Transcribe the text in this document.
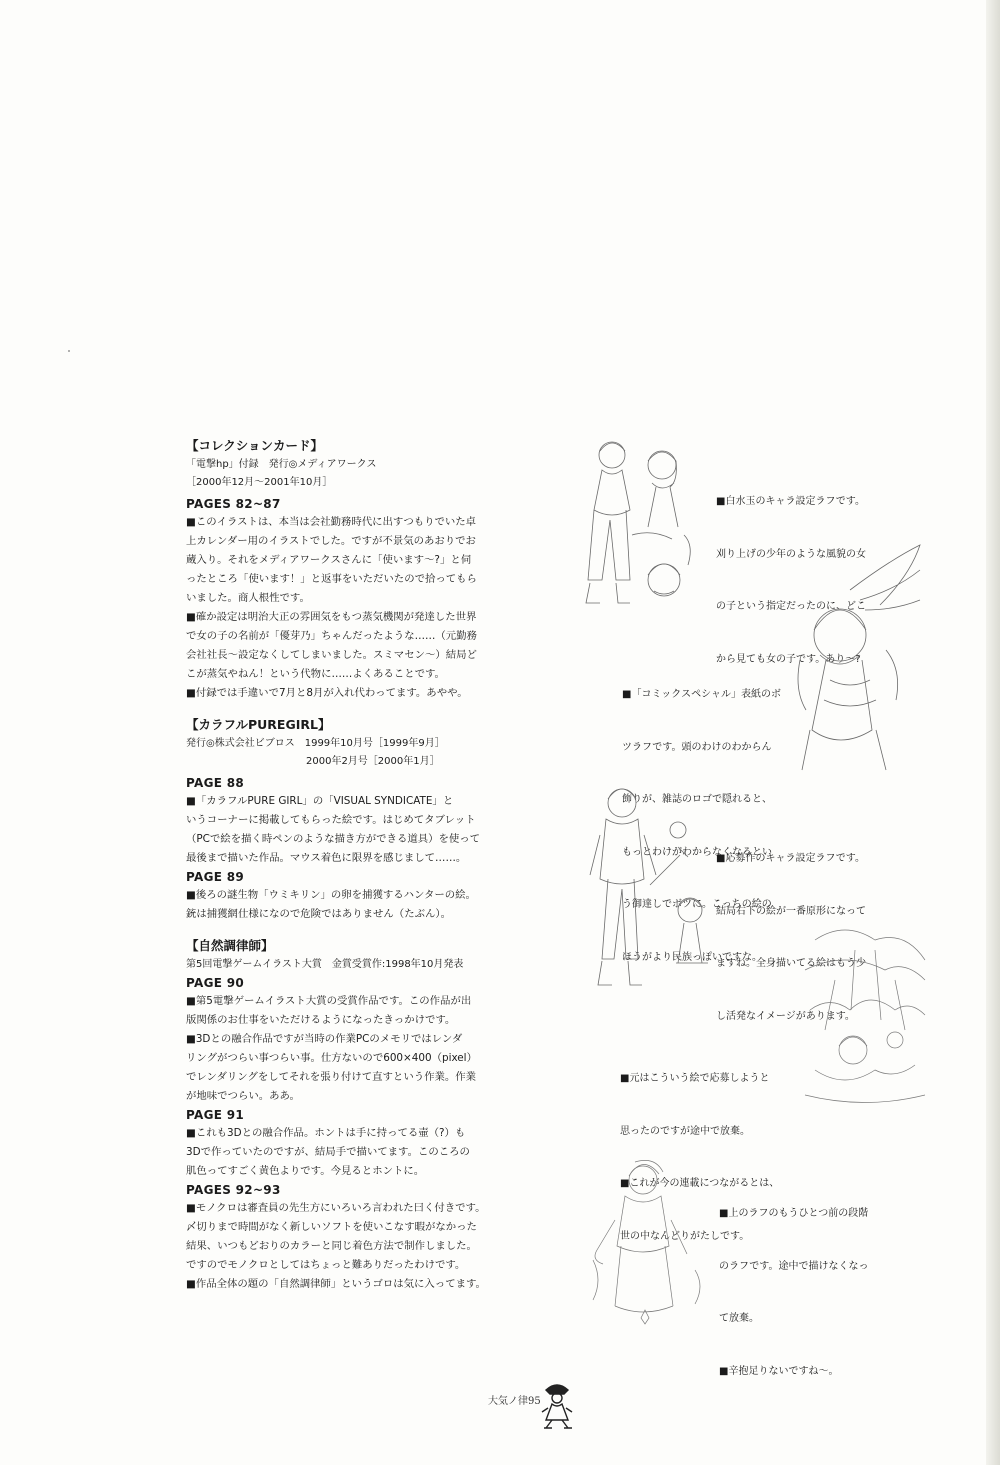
【コレクションカード】

「電撃hp」付録　発行◎メディアワークス

［2000年12月～2001年10月］

PAGES 82~87

■このイラストは、本当は会社勤務時代に出すつもりでいた卓

上カレンダー用のイラストでした。ですが不景気のあおりでお

蔵入り。それをメディアワークスさんに「使います～?」と伺

ったところ「使います！」と返事をいただいたので拾ってもら

いました。商人根性です。

■確か設定は明治大正の雰囲気をもつ蒸気機関が発達した世界

で女の子の名前が「優芽乃」ちゃんだったような……（元勤務

会社社長～設定なくしてしまいました。スミマセン～）結局ど

こが蒸気やねん！という代物に……よくあることです。

■付録では手違いで7月と8月が入れ代わってます。あやや。

【カラフルPUREGIRL】

発行◎株式会社ビブロス　1999年10月号［1999年9月］

　　　　　　　　　　　　2000年2月号［2000年1月］

PAGE 88

■「カラフルPURE GIRL」の「VISUAL SYNDICATE」と

いうコーナーに掲載してもらった絵です。はじめてタブレット

（PCで絵を描く時ペンのような描き方ができる道具）を使って

最後まで描いた作品。マウス着色に限界を感じまして……。

PAGE 89

■後ろの謎生物「ウミキリン」の卵を捕獲するハンターの絵。

銃は捕獲網仕様になので危険ではありません（たぶん）。

【自然調律師】

第5回電撃ゲームイラスト大賞　金賞受賞作:1998年10月発表

PAGE 90

■第5電撃ゲームイラスト大賞の受賞作品です。この作品が出

版関係のお仕事をいただけるようになったきっかけです。

■3Dとの融合作品ですが当時の作業PCのメモリではレンダ

リングがつらい事つらい事。仕方ないので600×400（pixel）

でレンダリングをしてそれを張り付けて直すという作業。作業

が地味でつらい。ああ。

PAGE 91

■これも3Dとの融合作品。ホントは手に持ってる壷（?）も

3Dで作っていたのですが、結局手で描いてます。このころの

肌色ってすごく黄色よりです。今見るとホントに。

PAGES 92~93

■モノクロは審査員の先生方にいろいろ言われた曰く付きです。

〆切りまで時間がなく新しいソフトを使いこなす暇がなかった

結果、いつもどおりのカラーと同じ着色方法で制作しました。

ですのでモノクロとしてはちょっと難ありだったわけです。

■作品全体の題の「自然調律師」というゴロは気に入ってます。

■白水玉のキャラ設定ラフです。

刈り上げの少年のような風貌の女

の子という指定だったのに、どこ

から見ても女の子です。あり～?

■「コミックスペシャル」表紙のボ

ツラフです。頭のわけのわからん

飾りが、雑誌のロゴで隠れると、

もっとわけがわからなくなるとい

う御達しでボツに。こっちの絵の

ほうがより民族っぽいですな。

■応募作のキャラ設定ラフです。

結局右下の絵が一番原形になって

ますね。全身描いてる絵はもう少

し活発なイメージがあります。

■元はこういう絵で応募しようと

思ったのですが途中で放棄。

■これが今の連載につながるとは、

世の中なんどりがたしです。

■上のラフのもうひとつ前の段階

のラフです。途中で描けなくなっ

て放棄。

■辛抱足りないですね～。

大気ノ律95
